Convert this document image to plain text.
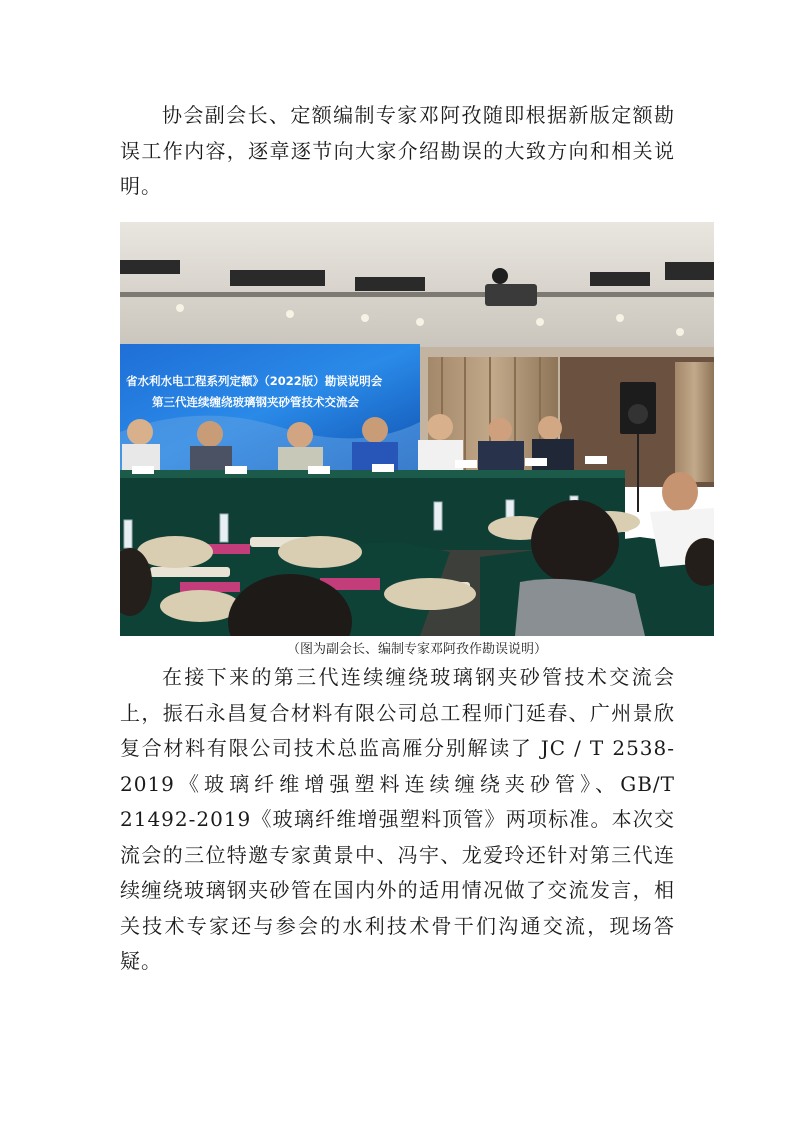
协会副会长、定额编制专家邓阿孜随即根据新版定额勘误工作内容，逐章逐节向大家介绍勘误的大致方向和相关说明。

省水利水电工程系列定额》（2022版）勘误说明会
第三代连续缠绕玻璃钢夹砂管技术交流会
（图为副会长、编制专家邓阿孜作勘误说明）

在接下来的第三代连续缠绕玻璃钢夹砂管技术交流会上，振石永昌复合材料有限公司总工程师门延春、广州景欣复合材料有限公司技术总监高雁分别解读了 JC / T 2538-2019《玻璃纤维增强塑料连续缠绕夹砂管》、GB/T 21492-2019《玻璃纤维增强塑料顶管》两项标准。本次交流会的三位特邀专家黄景中、冯宇、龙爱玲还针对第三代连续缠绕玻璃钢夹砂管在国内外的适用情况做了交流发言，相关技术专家还与参会的水利技术骨干们沟通交流，现场答疑。
